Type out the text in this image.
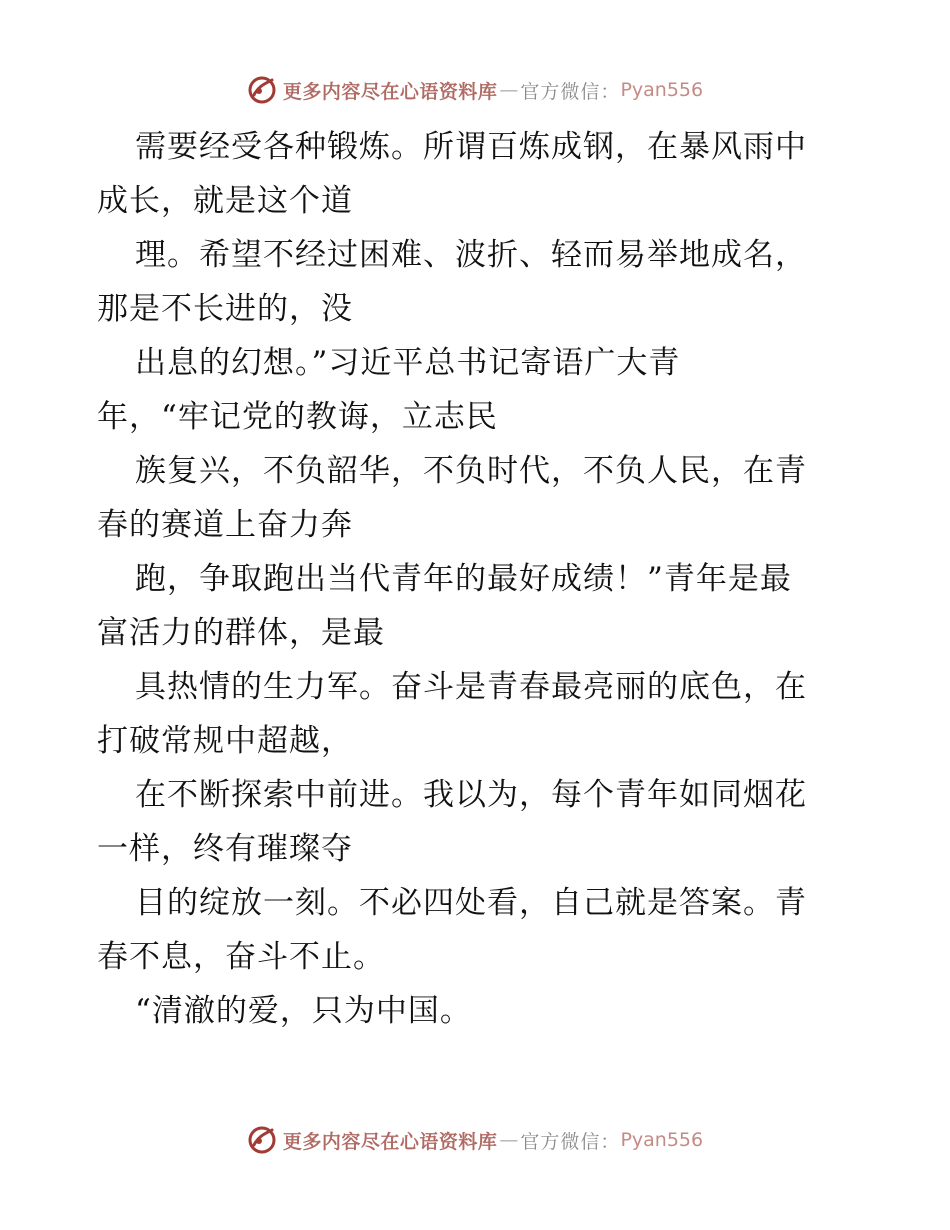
更多内容尽在心语资料库 — 官方微信： Pyan556
需要经受各种锻炼。所谓百炼成钢，在暴风雨中
成长，就是这个道
理。希望不经过困难、波折、轻而易举地成名，
那是不长进的，没
出息的幻想。”习近平总书记寄语广大青
年，“牢记党的教诲，立志民
族复兴，不负韶华，不负时代，不负人民，在青
春的赛道上奋力奔
跑，争取跑出当代青年的最好成绩！”青年是最
富活力的群体，是最
具热情的生力军。奋斗是青春最亮丽的底色，在
打破常规中超越，
在不断探索中前进。我以为，每个青年如同烟花
一样，终有璀璨夺
目的绽放一刻。不必四处看，自己就是答案。青
春不息，奋斗不止。
“清澈的爱，只为中国。
更多内容尽在心语资料库 — 官方微信： Pyan556
